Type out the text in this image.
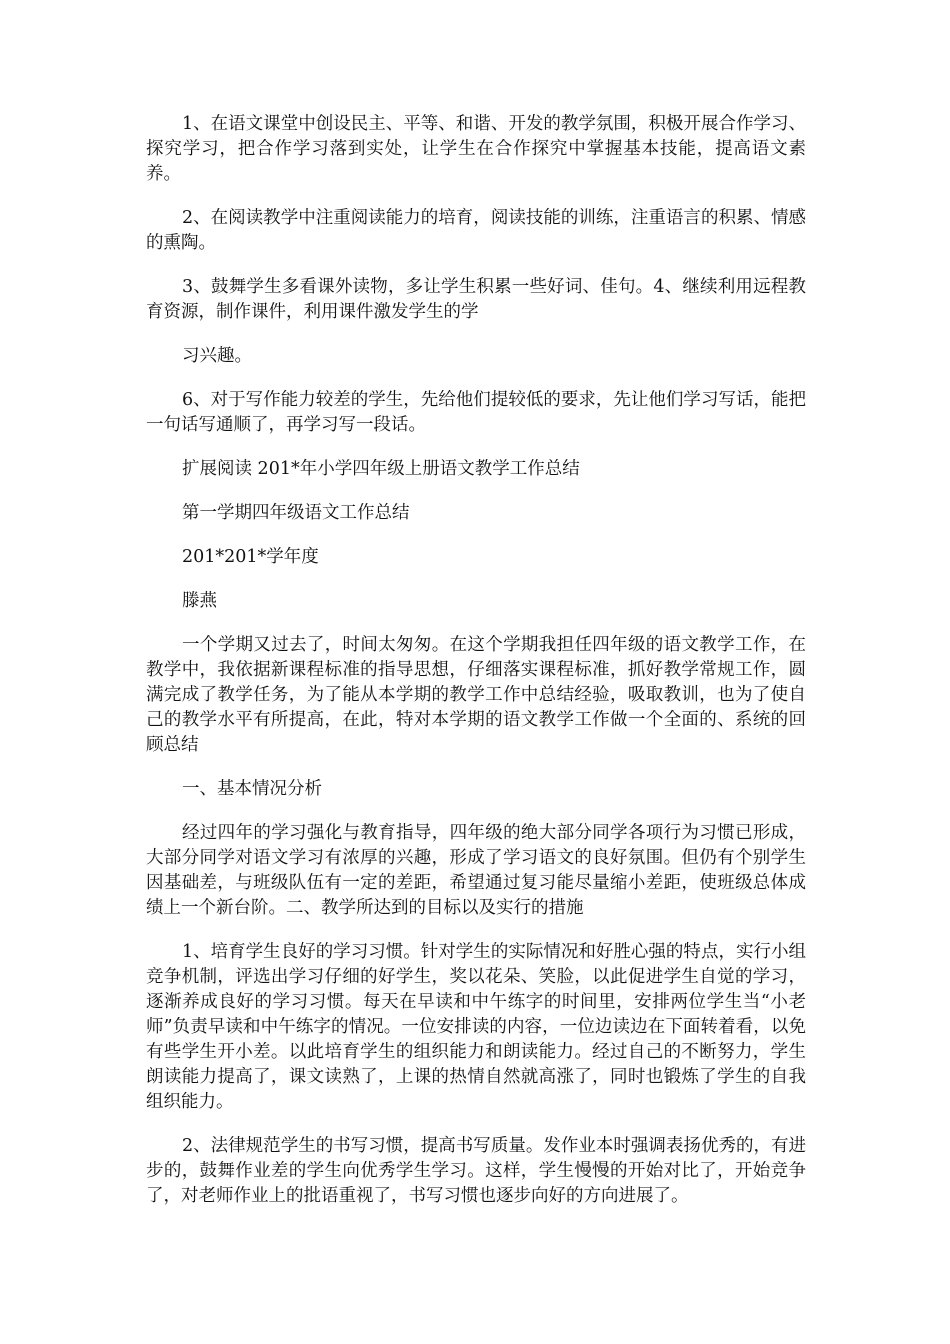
1、在语文课堂中创设民主、平等、和谐、开发的教学氛围，积极开展合作学习、探究学习，把合作学习落到实处，让学生在合作探究中掌握基本技能，提高语文素养。

2、在阅读教学中注重阅读能力的培育，阅读技能的训练，注重语言的积累、情感的熏陶。

3、鼓舞学生多看课外读物，多让学生积累一些好词、佳句。4、继续利用远程教育资源，制作课件，利用课件激发学生的学

习兴趣。

6、对于写作能力较差的学生，先给他们提较低的要求，先让他们学习写话，能把一句话写通顺了，再学习写一段话。

扩展阅读 201*年小学四年级上册语文教学工作总结

第一学期四年级语文工作总结

201*201*学年度

滕燕

一个学期又过去了，时间太匆匆。在这个学期我担任四年级的语文教学工作，在教学中，我依据新课程标准的指导思想，仔细落实课程标准，抓好教学常规工作，圆满完成了教学任务，为了能从本学期的教学工作中总结经验，吸取教训，也为了使自己的教学水平有所提高，在此，特对本学期的语文教学工作做一个全面的、系统的回顾总结

一、基本情况分析

经过四年的学习强化与教育指导，四年级的绝大部分同学各项行为习惯已形成，大部分同学对语文学习有浓厚的兴趣，形成了学习语文的良好氛围。但仍有个别学生因基础差，与班级队伍有一定的差距，希望通过复习能尽量缩小差距，使班级总体成绩上一个新台阶。二、教学所达到的目标以及实行的措施

1、培育学生良好的学习习惯。针对学生的实际情况和好胜心强的特点，实行小组竞争机制，评选出学习仔细的好学生，奖以花朵、笑脸，以此促进学生自觉的学习，逐渐养成良好的学习习惯。每天在早读和中午练字的时间里，安排两位学生当“小老师”负责早读和中午练字的情况。一位安排读的内容，一位边读边在下面转着看，以免有些学生开小差。以此培育学生的组织能力和朗读能力。经过自己的不断努力，学生朗读能力提高了，课文读熟了，上课的热情自然就高涨了，同时也锻炼了学生的自我组织能力。

2、法律规范学生的书写习惯，提高书写质量。发作业本时强调表扬优秀的，有进步的，鼓舞作业差的学生向优秀学生学习。这样，学生慢慢的开始对比了，开始竞争了，对老师作业上的批语重视了，书写习惯也逐步向好的方向进展了。
